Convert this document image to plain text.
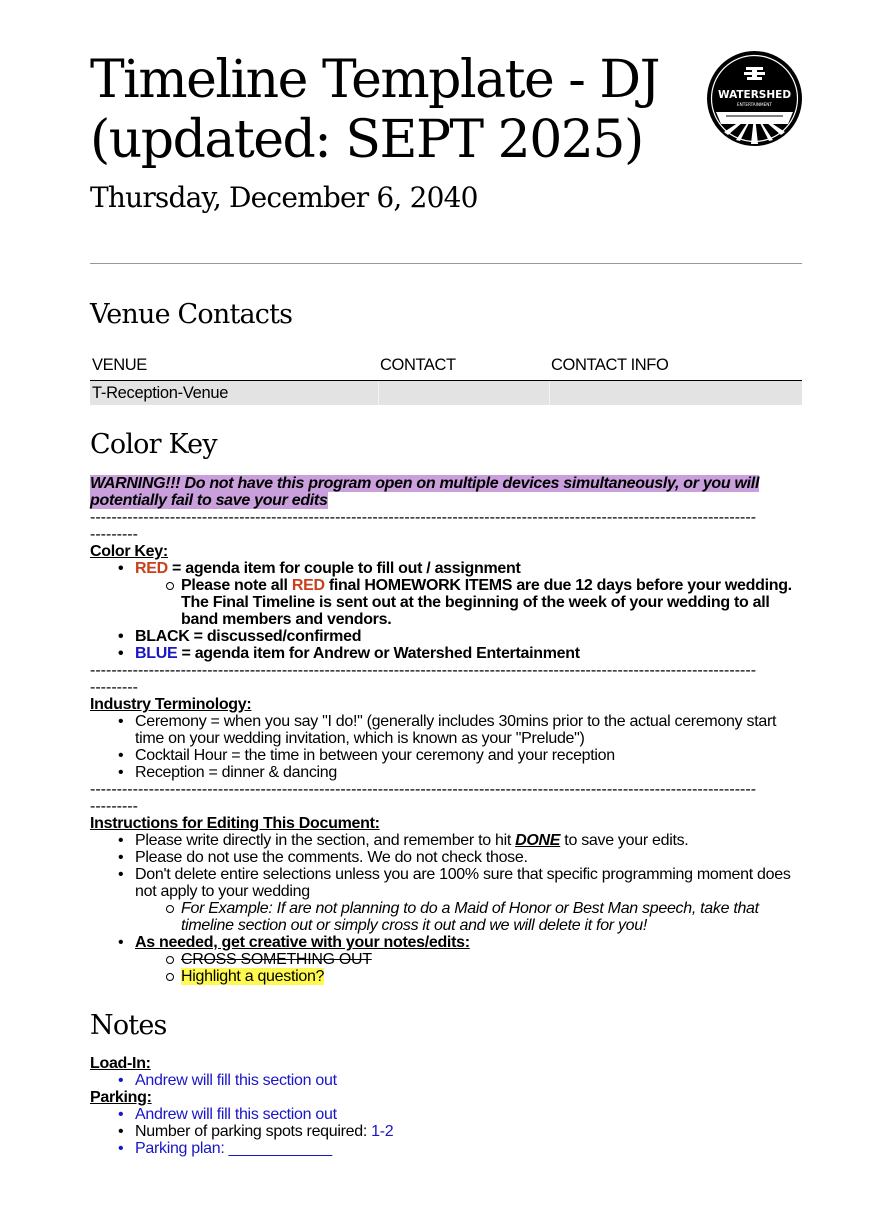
Timeline Template - DJ (updated: SEPT 2025)
Thursday, December 6, 2040
WATERSHED
ENTERTAINMENT
Venue Contacts
VENUE	CONTACT	CONTACT INFO
T-Reception-Venue		
Color Key
WARNING!!! Do not have this program open on multiple devices simultaneously, or you will potentially fail to save your edits
-----------------------------------------------------------------------------------------------------------------------------
---------
Color Key:
• RED = agenda item for couple to fill out / assignment
Please note all RED final HOMEWORK ITEMS are due 12 days before your wedding. The Final Timeline is sent out at the beginning of the week of your wedding to all band members and vendors.
• BLACK = discussed/confirmed
• BLUE = agenda item for Andrew or Watershed Entertainment
-----------------------------------------------------------------------------------------------------------------------------
---------
Industry Terminology:
• Ceremony = when you say "I do!" (generally includes 30mins prior to the actual ceremony start time on your wedding invitation, which is known as your "Prelude")
• Cocktail Hour = the time in between your ceremony and your reception
• Reception = dinner & dancing
-----------------------------------------------------------------------------------------------------------------------------
---------
Instructions for Editing This Document:
• Please write directly in the section, and remember to hit DONE to save your edits.
• Please do not use the comments. We do not check those.
• Don't delete entire selections unless you are 100% sure that specific programming moment does not apply to your wedding
For Example: If are not planning to do a Maid of Honor or Best Man speech, take that timeline section out or simply cross it out and we will delete it for you!
• As needed, get creative with your notes/edits:
CROSS SOMETHING OUT
Highlight a question?
Notes
Load-In:
• Andrew will fill this section out
Parking:
• Andrew will fill this section out
• Number of parking spots required: 1-2
• Parking plan: ____________
